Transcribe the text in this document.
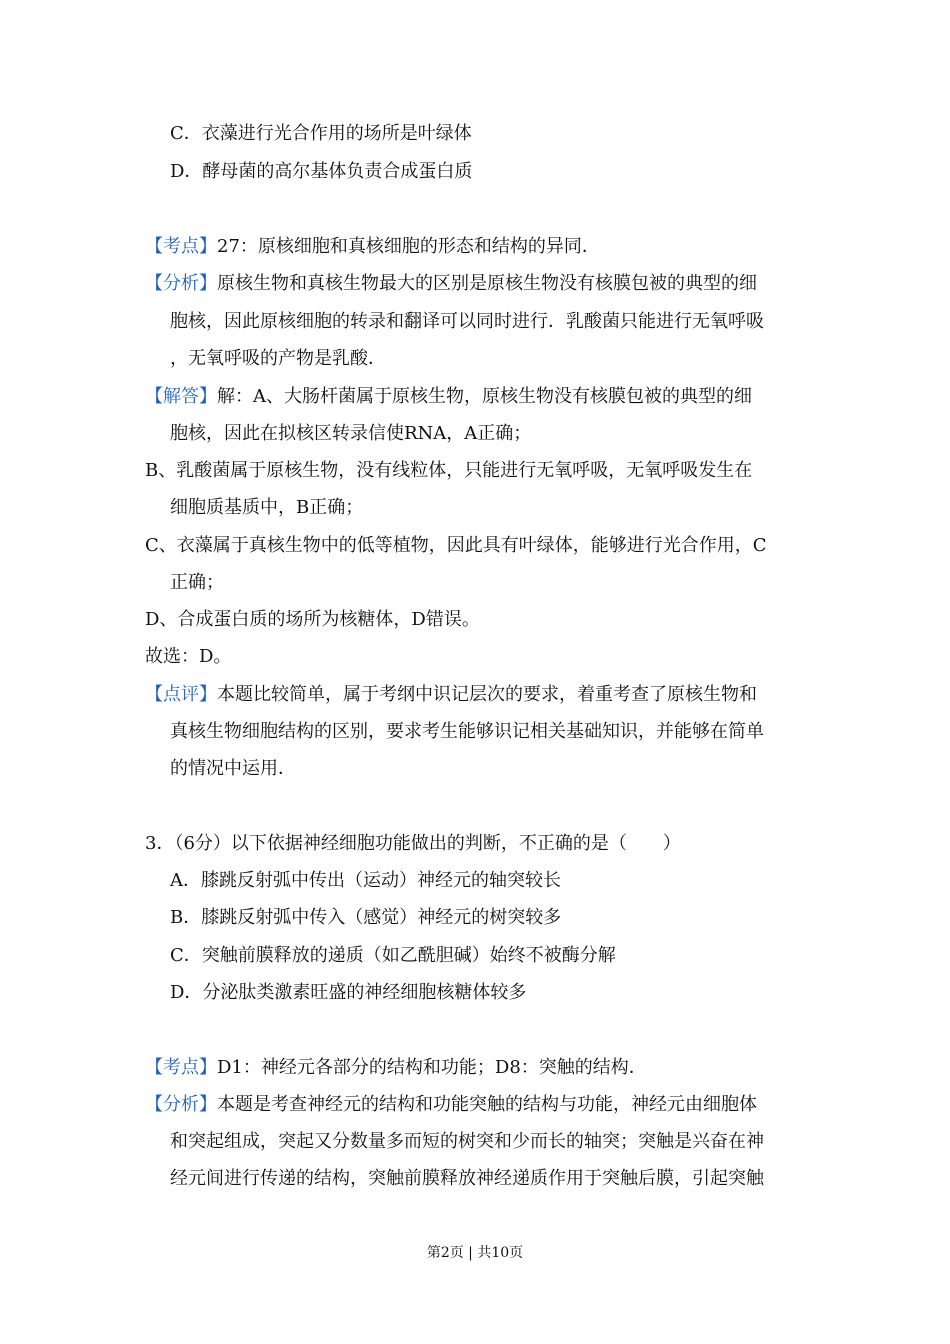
C．衣藻进行光合作用的场所是叶绿体
D．酵母菌的高尔基体负责合成蛋白质
【考点】27：原核细胞和真核细胞的形态和结构的异同．
【分析】原核生物和真核生物最大的区别是原核生物没有核膜包被的典型的细
胞核，因此原核细胞的转录和翻译可以同时进行．乳酸菌只能进行无氧呼吸
，无氧呼吸的产物是乳酸．
【解答】解：A、大肠杆菌属于原核生物，原核生物没有核膜包被的典型的细
胞核，因此在拟核区转录信使RNA，A正确；
B、乳酸菌属于原核生物，没有线粒体，只能进行无氧呼吸，无氧呼吸发生在
细胞质基质中，B正确；
C、衣藻属于真核生物中的低等植物，因此具有叶绿体，能够进行光合作用，C
正确；
D、合成蛋白质的场所为核糖体，D错误。
故选：D。
【点评】本题比较简单，属于考纲中识记层次的要求，着重考查了原核生物和
真核生物细胞结构的区别，要求考生能够识记相关基础知识，并能够在简单
的情况中运用．
3．（6分）以下依据神经细胞功能做出的判断，不正确的是（　　）
A．膝跳反射弧中传出（运动）神经元的轴突较长
B．膝跳反射弧中传入（感觉）神经元的树突较多
C．突触前膜释放的递质（如乙酰胆碱）始终不被酶分解
D．分泌肽类激素旺盛的神经细胞核糖体较多
【考点】D1：神经元各部分的结构和功能；D8：突触的结构．
【分析】本题是考查神经元的结构和功能突触的结构与功能，神经元由细胞体
和突起组成，突起又分数量多而短的树突和少而长的轴突；突触是兴奋在神
经元间进行传递的结构，突触前膜释放神经递质作用于突触后膜，引起突触
第2页 | 共10页
